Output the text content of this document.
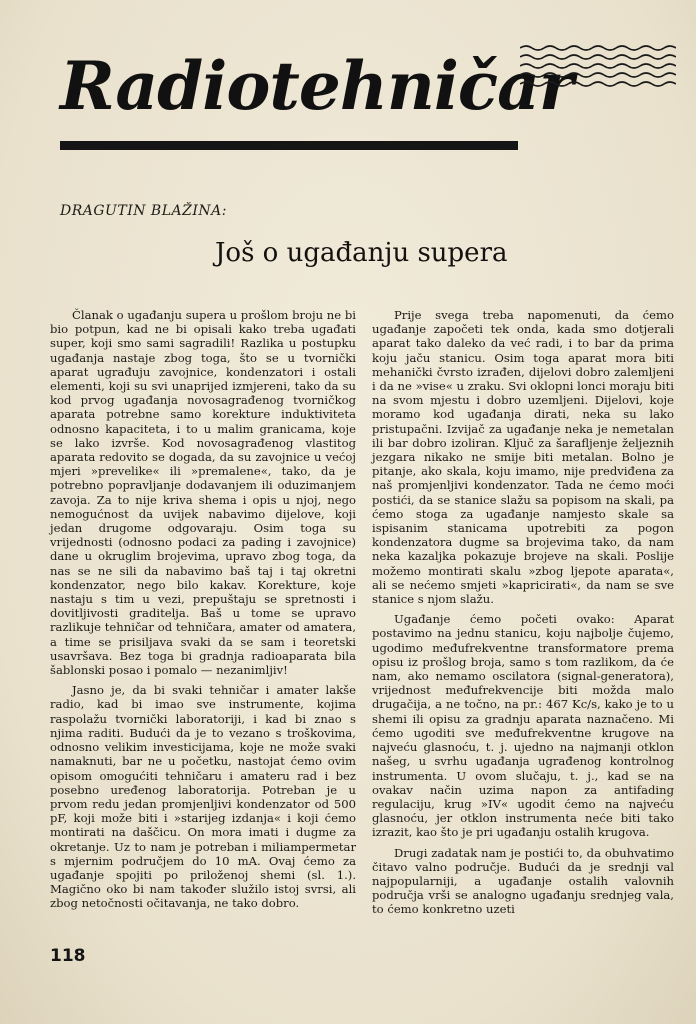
Radiotehničar
DRAGUTIN BLAŽINA:
Još o ugađanju supera

Članak o ugađanju supera u prošlom broju ne bi bio potpun, kad ne bi opisali kako treba ugađati super, koji smo sami sagradili! Razlika u postupku ugađanja nastaje zbog toga, što se u tvornički aparat ugrađuju zavojnice, kondenzatori i ostali elementi, koji su svi unaprijed izmjereni, tako da su kod prvog ugađanja novosagrađenog tvorničkog aparata potrebne samo korekture induktiviteta odnosno kapaciteta, i to u malim granicama, koje se lako izvrše. Kod novosagrađenog vlastitog aparata redovito se dogada, da su zavojnice u većoj mjeri »prevelike« ili »premalene«, tako, da je potrebno popravljanje dodavanjem ili oduzimanjem zavoja. Za to nije kriva shema i opis u njoj, nego nemogućnost da uvijek nabavimo dijelove, koji jedan drugome odgovaraju. Osim toga su vrijednosti (odnosno podaci za pading i zavojnice) dane u okruglim brojevima, upravo zbog toga, da nas se ne sili da nabavimo baš taj i taj okretni kondenzator, nego bilo kakav. Korekture, koje nastaju s tim u vezi, prepuštaju se spretnosti i dovitljivosti graditelja. Baš u tome se upravo razlikuje tehničar od tehničara, amater od amatera, a time se prisiljava svaki da se sam i teoretski usavršava. Bez toga bi gradnja radioaparata bila šablonski posao i pomalo — nezanimljiv!

Jasno je, da bi svaki tehničar i amater lakše radio, kad bi imao sve instrumente, kojima raspolažu tvornički laboratoriji, i kad bi znao s njima raditi. Budući da je to vezano s troškovima, odnosno velikim investicijama, koje ne može svaki namaknuti, bar ne u početku, nastojat ćemo ovim opisom omogućiti tehničaru i amateru rad i bez posebno uređenog laboratorija. Potreban je u prvom redu jedan promjenljivi kondenzator od 500 pF, koji može biti i »starijeg izdanja« i koji ćemo montirati na daščicu. On mora imati i dugme za okretanje. Uz to nam je potreban i miliampermetar s mjernim područjem do 10 mA. Ovaj ćemo za ugađanje spojiti po priloženoj shemi (sl. 1.). Magično oko bi nam također služilo istoj svrsi, ali zbog netočnosti očitavanja, ne tako dobro.

Prije svega treba napomenuti, da ćemo ugađanje započeti tek onda, kada smo dotjerali aparat tako daleko da već radi, i to bar da prima koju jaču stanicu. Osim toga aparat mora biti mehanički čvrsto izrađen, dijelovi dobro zalemljeni i da ne »vise« u zraku. Svi oklopni lonci moraju biti na svom mjestu i dobro uzemljeni. Dijelovi, koje moramo kod ugađanja dirati, neka su lako pristupačni. Izvijač za ugađanje neka je nemetalan ili bar dobro izoliran. Ključ za šarafljenje željeznih jezgara nikako ne smije biti metalan. Bolno je pitanje, ako skala, koju imamo, nije predviđena za naš promjenljivi kondenzator. Tada ne ćemo moći postići, da se stanice slažu sa popisom na skali, pa ćemo stoga za ugađanje namjesto skale sa ispisanim stanicama upotrebiti za pogon kondenzatora dugme sa brojevima tako, da nam neka kazaljka pokazuje brojeve na skali. Poslije možemo montirati skalu »zbog ljepote aparata«, ali se nećemo smjeti »kapricirati«, da nam se sve stanice s njom slažu.

Ugađanje ćemo početi ovako: Aparat postavimo na jednu stanicu, koju najbolje čujemo, ugodimo međufrekventne transformatore prema opisu iz prošlog broja, samo s tom razlikom, da će nam, ako nemamo oscilatora (signal-generatora), vrijednost međufrekvencije biti možda malo drugačija, a ne točno, na pr.: 467 Kc/s, kako je to u shemi ili opisu za gradnju aparata naznačeno. Mi ćemo ugoditi sve međufrekventne krugove na najveću glasnoću, t. j. ujedno na najmanji otklon našeg, u svrhu ugađanja ugrađenog kontrolnog instrumenta. U ovom slučaju, t. j., kad se na ovakav način uzima napon za antifading regulaciju, krug »IV« ugodit ćemo na najveću glasnoću, jer otklon instrumenta neće biti tako izrazit, kao što je pri ugađanju ostalih krugova.

Drugi zadatak nam je postići to, da obuhvatimo čitavo valno područje. Budući da je srednji val najpopularniji, a ugađanje ostalih valovnih područja vrši se analogno ugađanju srednjeg vala, to ćemo konkretno uzeti

118
